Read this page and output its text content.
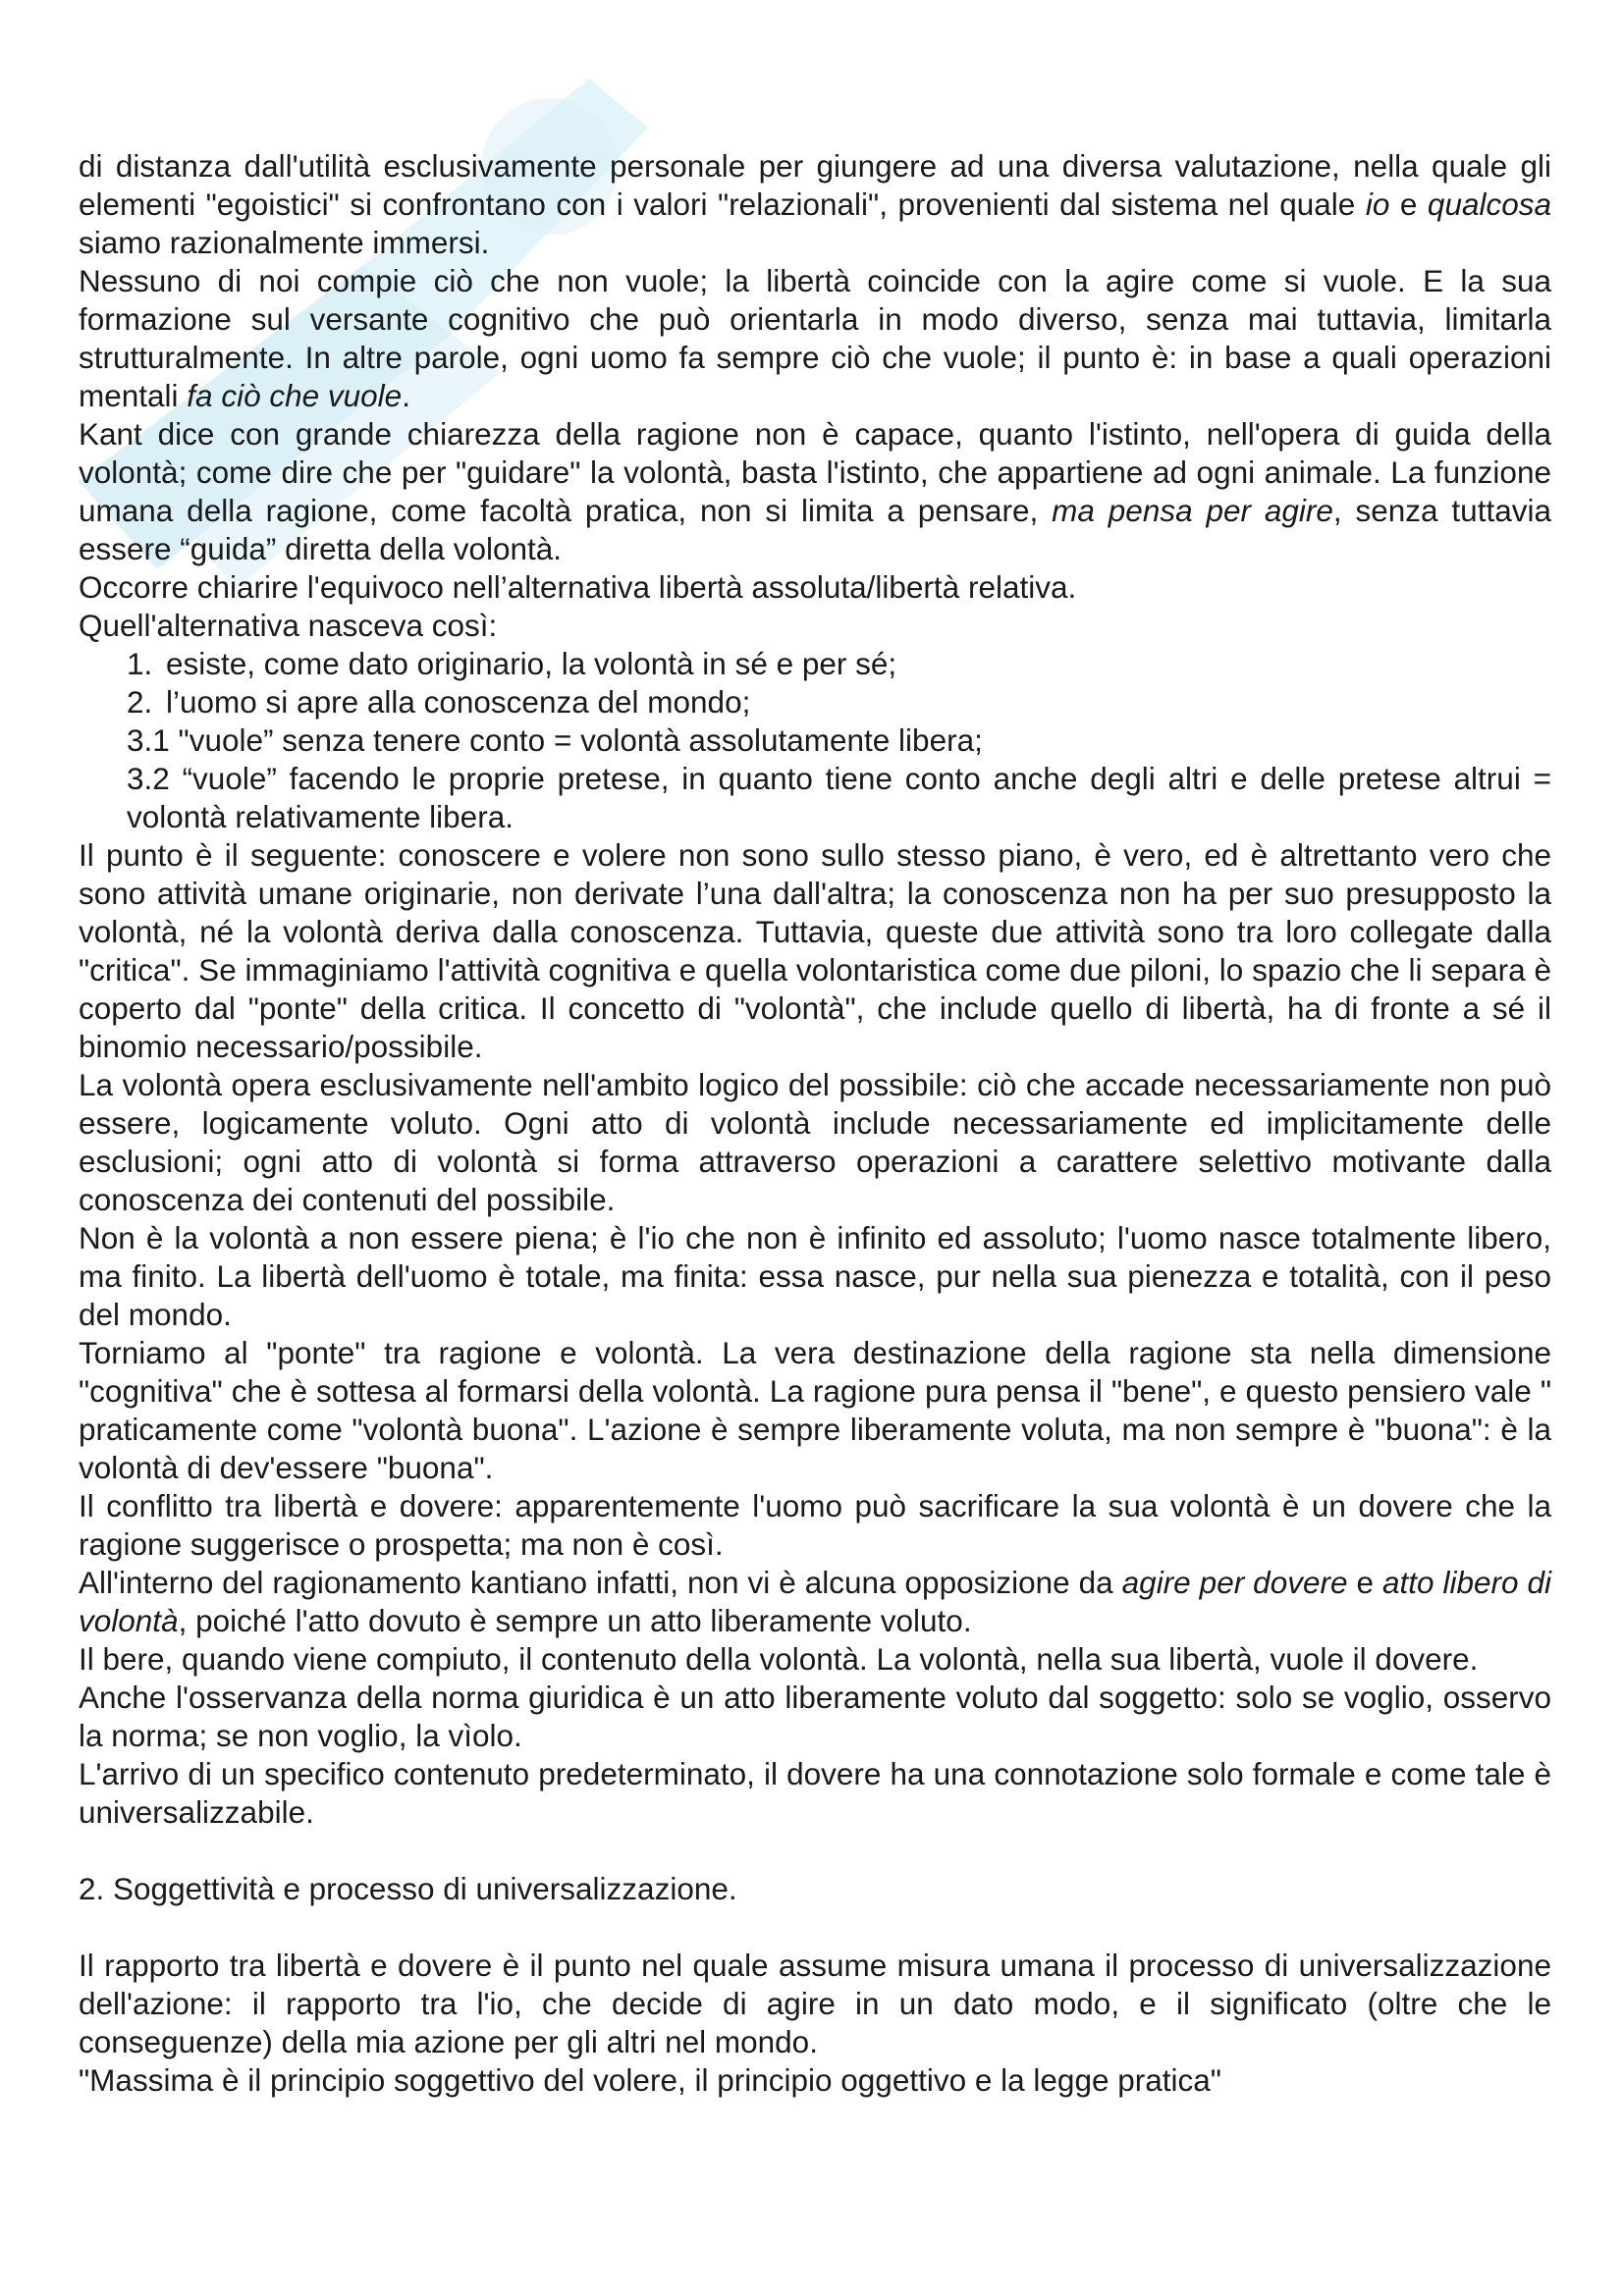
di distanza dall'utilità esclusivamente personale per giungere ad una diversa valutazione, nella quale gli elementi "egoistici" si confrontano con i valori "relazionali", provenienti dal sistema nel quale io e qualcosa siamo razionalmente immersi.

Nessuno di noi compie ciò che non vuole; la libertà coincide con la agire come si vuole. E la sua formazione sul versante cognitivo che può orientarla in modo diverso, senza mai tuttavia, limitarla strutturalmente. In altre parole, ogni uomo fa sempre ciò che vuole; il punto è: in base a quali operazioni mentali fa ciò che vuole.

Kant dice con grande chiarezza della ragione non è capace, quanto l'istinto, nell'opera di guida della volontà; come dire che per "guidare" la volontà, basta l'istinto, che appartiene ad ogni animale. La funzione umana della ragione, come facoltà pratica, non si limita a pensare, ma pensa per agire, senza tuttavia essere “guida” diretta della volontà.

Occorre chiarire l'equivoco nell’alternativa libertà assoluta/libertà relativa.

Quell'alternativa nasceva così:

1. esiste, come dato originario, la volontà in sé e per sé;
2. l’uomo si apre alla conoscenza del mondo;
3.1 "vuole” senza tenere conto = volontà assolutamente libera;
3.2 “vuole” facendo le proprie pretese, in quanto tiene conto anche degli altri e delle pretese altrui = volontà relativamente libera.

Il punto è il seguente: conoscere e volere non sono sullo stesso piano, è vero, ed è altrettanto vero che sono attività umane originarie, non derivate l’una dall'altra; la conoscenza non ha per suo presupposto la volontà, né la volontà deriva dalla conoscenza. Tuttavia, queste due attività sono tra loro collegate dalla "critica". Se immaginiamo l'attività cognitiva e quella volontaristica come due piloni, lo spazio che li separa è coperto dal "ponte" della critica. Il concetto di "volontà", che include quello di libertà, ha di fronte a sé il binomio necessario/possibile.

La volontà opera esclusivamente nell'ambito logico del possibile: ciò che accade necessariamente non può essere, logicamente voluto. Ogni atto di volontà include necessariamente ed implicitamente delle esclusioni; ogni atto di volontà si forma attraverso operazioni a carattere selettivo motivante dalla conoscenza dei contenuti del possibile.

Non è la volontà a non essere piena; è l'io che non è infinito ed assoluto; l'uomo nasce totalmente libero, ma finito. La libertà dell'uomo è totale, ma finita: essa nasce, pur nella sua pienezza e totalità, con il peso del mondo.

Torniamo al "ponte" tra ragione e volontà. La vera destinazione della ragione sta nella dimensione "cognitiva" che è sottesa al formarsi della volontà. La ragione pura pensa il "bene", e questo pensiero vale " praticamente come "volontà buona". L'azione è sempre liberamente voluta, ma non sempre è "buona": è la volontà di dev'essere "buona".

Il conflitto tra libertà e dovere: apparentemente l'uomo può sacrificare la sua volontà è un dovere che la ragione suggerisce o prospetta; ma non è così.

All'interno del ragionamento kantiano infatti, non vi è alcuna opposizione da agire per dovere e atto libero di volontà, poiché l'atto dovuto è sempre un atto liberamente voluto.

Il bere, quando viene compiuto, il contenuto della volontà. La volontà, nella sua libertà, vuole il dovere.

Anche l'osservanza della norma giuridica è un atto liberamente voluto dal soggetto: solo se voglio, osservo la norma; se non voglio, la vìolo.

L'arrivo di un specifico contenuto predeterminato, il dovere ha una connotazione solo formale e come tale è universalizzabile.

2. Soggettività e processo di universalizzazione.

Il rapporto tra libertà e dovere è il punto nel quale assume misura umana il processo di universalizzazione dell'azione: il rapporto tra l'io, che decide di agire in un dato modo, e il significato (oltre che le conseguenze) della mia azione per gli altri nel mondo.

"Massima è il principio soggettivo del volere, il principio oggettivo e la legge pratica"
